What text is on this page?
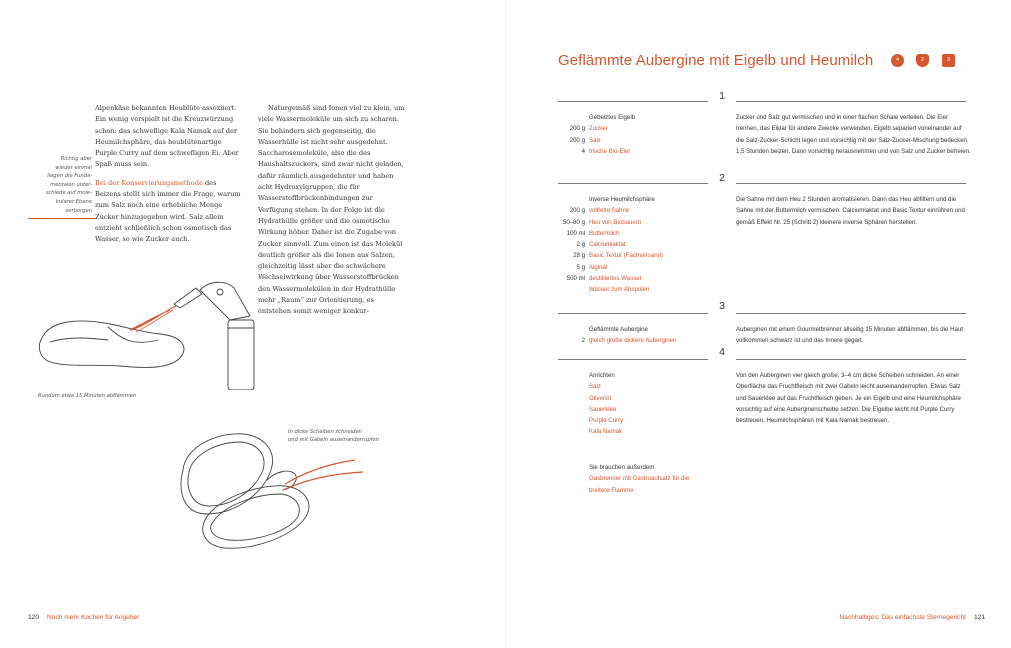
Alpenkäse bekannten Heublüte assoziiert. Ein wenig verspielt ist die Kreuzwürzung schon: das schweflige Kala Namak auf der Heumilchsphäre, das heublütenartige Purple Curry auf dem schwefligen Ei. Aber Spaß muss sein.

Bei der Konservierungsmethode des Beizens stellt sich immer die Frage, warum zum Salz noch eine erhebliche Menge Zucker hinzugegeben wird. Salz allein entzieht schließlich schon osmotisch das Wasser, so wie Zucker auch.

Naturgemäß sind Ionen viel zu klein, um viele Wassermoleküle um sich zu scharen. Sie behindern sich gegenseitig, die Wasserhülle ist nicht sehr ausgedehnt. Saccharosemoleküle, also die des Haushaltszuckers, sind zwar nicht geladen, dafür räumlich ausgedehnter und haben acht Hydroxylgruppen, die für Wasserstoffbrückenbindungen zur Verfügung stehen. In der Folge ist die Hydrathülle größer und die osmotische Wirkung höher. Daher ist die Zugabe von Zucker sinnvoll. Zum einen ist das Molekül deutlich größer als die Ionen aus Salzen, gleichzeitig lässt aber die schwächere Wechselwirkung über Wasserstoffbrücken den Wassermolekülen in der Hydrathülle mehr „Raum“ zur Orientierung, es entstehen somit weniger konkur-

Richtig aber
wieder einmal
liegen die Funda-
mentalen unter-
schiede auf mole-
kularer Ebene
verborgen
Rundum etwa 15 Minuten abflämmen
In dicke Scheiben schneiden
und mit Gabeln auseinanderrupfen
120 Noch mehr Kochen für Angeber
Geflämmte Aubergine mit Eigelb und Heumilch	4	2	3
1
Gebeiztes Eigelb
200 g Zucker
200 g Salz
4 frische Bio-Eier

Zucker und Salz gut vermischen und in einer flachen Schale verteilen. Die Eier trennen, das Eiklar für andere Zwecke verwenden. Eigelb separiert voneinander auf die Salz-Zucker-Schicht legen und vorsichtig mit der Salz-Zucker-Mischung bedecken. 1,5 Stunden beizen. Dann vorsichtig herausnehmen und von Salz und Zucker befreien.

2
Inverse Heumilchsphäre
200 g vollfette Sahne
50–80 g Heu von Biobauern
100 ml Buttermilch
2 g Calciumlaktat
28 g Basic Textur (Fachversand)
5 g Alginat
500 ml destilliertes Wasser
Wasser zum Abspülen

Die Sahne mit dem Heu 2 Stunden aromatisieren. Dann das Heu abfiltern und die Sahne mit der Buttermilch vermischen. Calciumlaktat und Basic Textur einrühren und gemäß Effekt Nr. 25 (Schritt 2) kleinere inverse Sphären herstellen.

3
Geflämmte Aubergine
2 gleich große dickere Auberginen

Auberginen mit einem Gourmetbrenner allseitig 15 Minuten abflämmen, bis die Haut vollkommen schwarz ist und das Innere gegart.

4
Anrichten
Salz
Olivenöl
Sauerklee
Purple Curry
Kala Namak

Von den Auberginen vier gleich große, 3–4 cm dicke Scheiben schneiden. An einer Oberfläche das Fruchtfleisch mit zwei Gabeln leicht auseinanderrupfen. Etwas Salz und Sauerklee auf das Fruchtfleisch geben. Je ein Eigelb und eine Heumilchsphäre vorsichtig auf eine Auberginenscheibe setzen. Die Eigelbe leicht mit Purple Curry bestreuen, Heumilchsphären mit Kala Namak bestreuen.

Sie brauchen außerdem
Gasbrenner mit Gastroaufsatz für die
breitere Flamme
Nachhaltiges: Das einfachste Sternegericht 121
